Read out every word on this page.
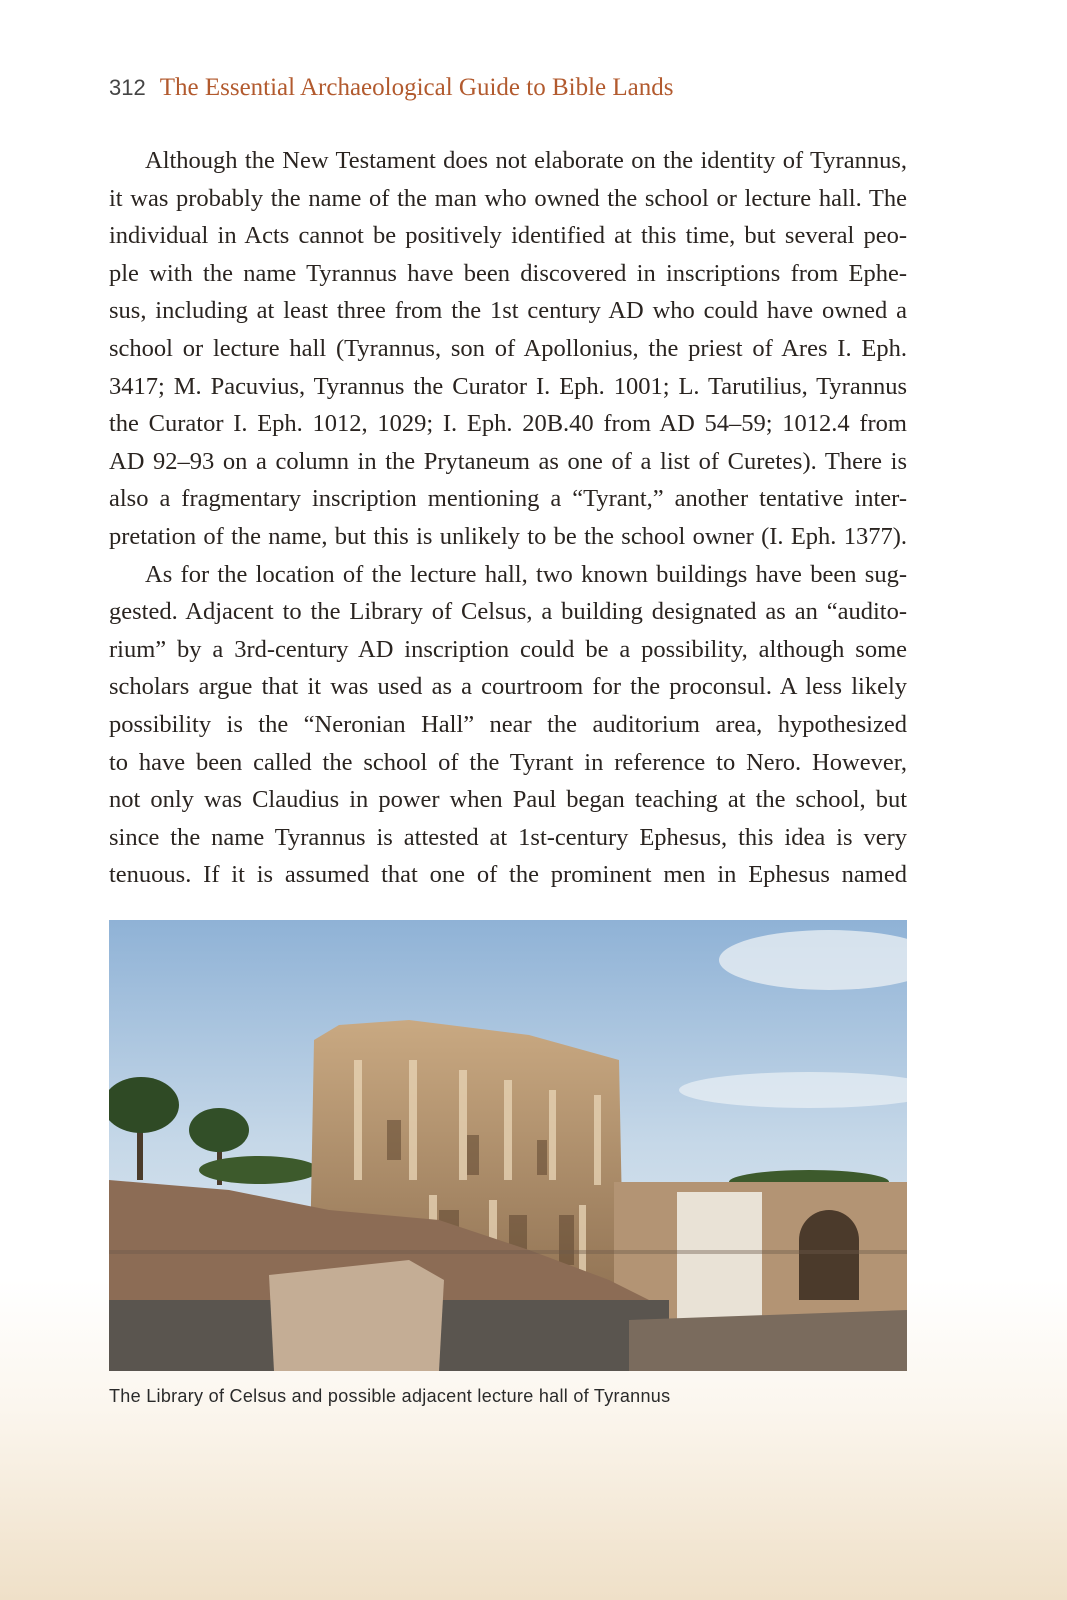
312 The Essential Archaeological Guide to Bible Lands
Although the New Testament does not elaborate on the identity of Tyrannus,
it was probably the name of the man who owned the school or lecture hall. The
individual in Acts cannot be positively identified at this time, but several peo-
ple with the name Tyrannus have been discovered in inscriptions from Ephe-
sus, including at least three from the 1st century AD who could have owned a
school or lecture hall (Tyrannus, son of Apollonius, the priest of Ares I. Eph.
3417; M. Pacuvius, Tyrannus the Curator I. Eph. 1001; L. Tarutilius, Tyrannus
the Curator I. Eph. 1012, 1029; I. Eph. 20B.40 from AD 54–59; 1012.4 from
AD 92–93 on a column in the Prytaneum as one of a list of Curetes). There is
also a fragmentary inscription mentioning a “Tyrant,” another tentative inter-
pretation of the name, but this is unlikely to be the school owner (I. Eph. 1377).
As for the location of the lecture hall, two known buildings have been sug-
gested. Adjacent to the Library of Celsus, a building designated as an “audito-
rium” by a 3rd-century AD inscription could be a possibility, although some
scholars argue that it was used as a courtroom for the proconsul. A less likely
possibility is the “Neronian Hall” near the auditorium area, hypothesized
to have been called the school of the Tyrant in reference to Nero. However,
not only was Claudius in power when Paul began teaching at the school, but
since the name Tyrannus is attested at 1st-century Ephesus, this idea is very
tenuous. If it is assumed that one of the prominent men in Ephesus named
The Library of Celsus and possible adjacent lecture hall of Tyrannus
